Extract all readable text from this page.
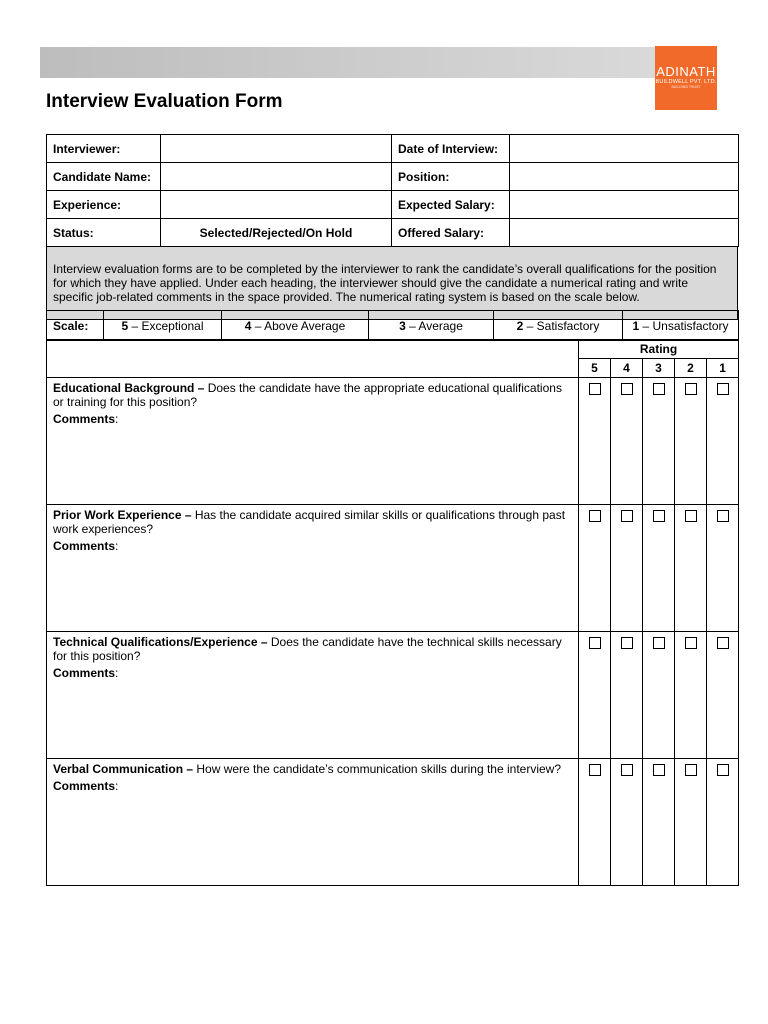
ADINATH
BUILDWELL PVT. LTD.
BUILDING TRUST
Interview Evaluation Form
Interviewer:		Date of Interview:	
Candidate Name:		Position:	
Experience:		Expected Salary:	
Status:	Selected/Rejected/On Hold	Offered Salary:	
Interview evaluation forms are to be completed by the interviewer to rank the candidate’s overall qualifications for the position for which they have applied. Under each heading, the interviewer should give the candidate a numerical rating and write specific job-related comments in the space provided. The numerical rating system is based on the scale below.
Scale:	5 – Exceptional	4 – Above Average	3 – Average	2 – Satisfactory	1 – Unsatisfactory
	Rating				
	5	4	3	2	1

Educational Background – Does the candidate have the appropriate educational qualifications or training for this position?
Comments:					

Prior Work Experience – Has the candidate acquired similar skills or qualifications through past work experiences?
Comments:					

Technical Qualifications/Experience – Does the candidate have the technical skills necessary for this position?
Comments:					

Verbal Communication – How were the candidate’s communication skills during the interview?
Comments:					
